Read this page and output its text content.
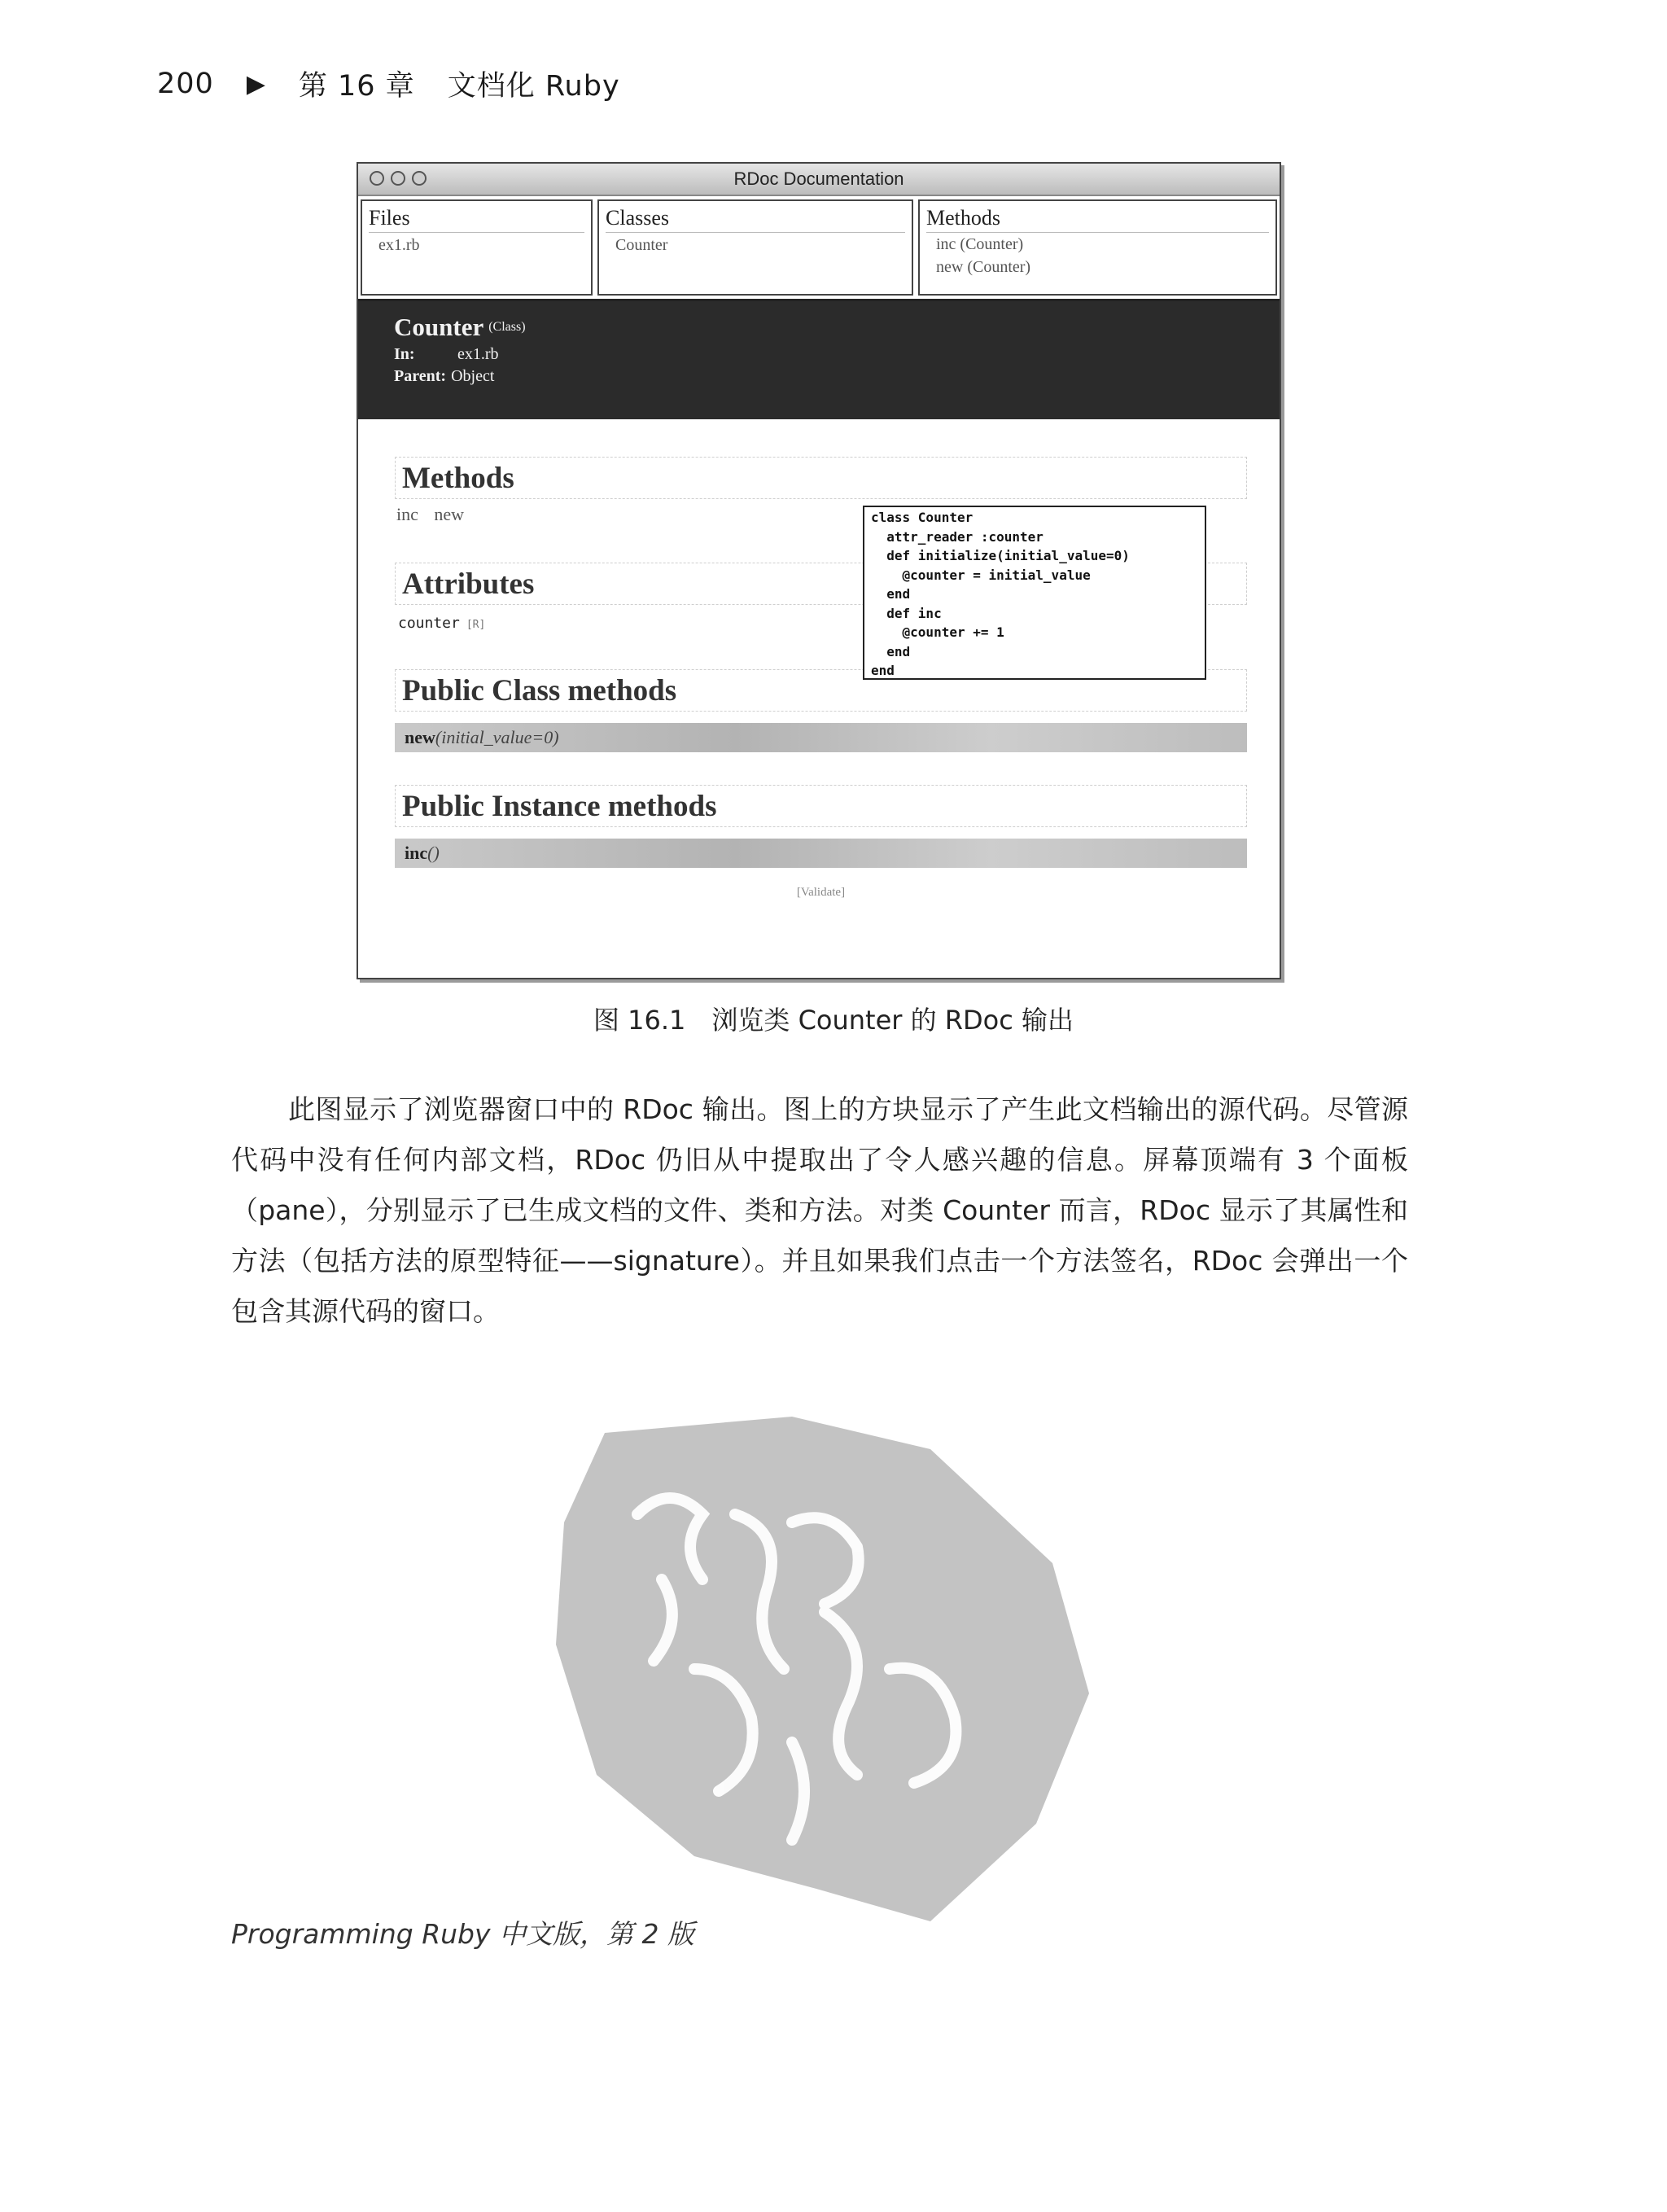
200 ▶ 第 16 章 文档化 Ruby
RDoc Documentation
Files
ex1.rb
Classes
Counter
Methods
inc (Counter)
new (Counter)
Counter (Class)
In:	ex1.rb
Parent: Object
Methods
inc new
Attributes
counter [R]
Public Class methods
new(initial_value=0)
Public Instance methods
inc()
[Validate]
class Counter
attr_reader :counter
def initialize(initial_value=0)
@counter = initial_value
end
def inc
@counter += 1
end
end
图 16.1　浏览类 Counter 的 RDoc 输出

此图显示了浏览器窗口中的 RDoc 输出。图上的方块显示了产生此文档输出的源代码。尽管源代码中没有任何内部文档，RDoc 仍旧从中提取出了令人感兴趣的信息。屏幕顶端有 3 个面板（pane），分别显示了已生成文档的文件、类和方法。对类 Counter 而言，RDoc 显示了其属性和方法（包括方法的原型特征——signature）。并且如果我们点击一个方法签名，RDoc 会弹出一个包含其源代码的窗口。

Programming Ruby 中文版，第 2 版
